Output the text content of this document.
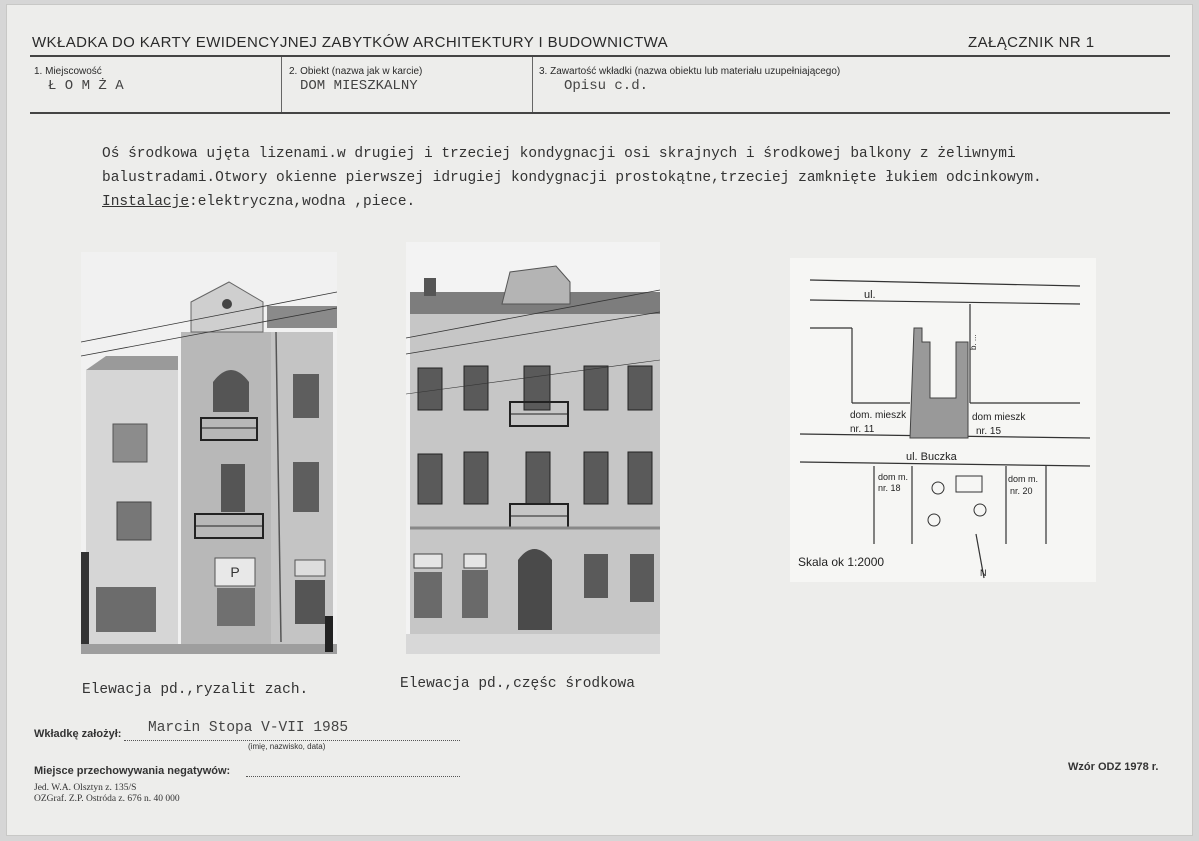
WKŁADKA DO KARTY EWIDENCYJNEJ ZABYTKÓW ARCHITEKTURY I BUDOWNICTWA	ZAŁĄCZNIK NR 1
1. Miejscowość
Ł O M Ż A
2. Obiekt (nazwa jak w karcie)
DOM MIESZKALNY
3. Zawartość wkładki (nazwa obiektu lub materiału uzupełniającego)
Opisu c.d.
Oś środkowa ujęta lizenami.w drugiej i trzeciej kondygnacji osi skrajnych i środkowej balkony z żeliwnymi
balustradami.Otwory okienne pierwszej idrugiej kondygnacji prostokątne,trzeciej zamknięte łukiem odcinkowym.
Instalacje:elektryczna,wodna ,piece.
P
ul.
ul. Buczka
b. ...
dom. mieszk
nr. 11
dom mieszk
nr. 15
dom m.
nr. 18
dom m.
nr. 20
Skala ok 1:2000
N
Elewacja pd.,ryzalit zach.	Elewacja pd.,częśc środkowa
Wkładkę założył: Marcin Stopa V-VII 1985
(imię, nazwisko, data)
Miejsce przechowywania negatywów:
Jed. W.A. Olsztyn z. 135/S
OZGraf. Z.P. Ostróda z. 676 n. 40 000
Wzór ODZ 1978 r.
